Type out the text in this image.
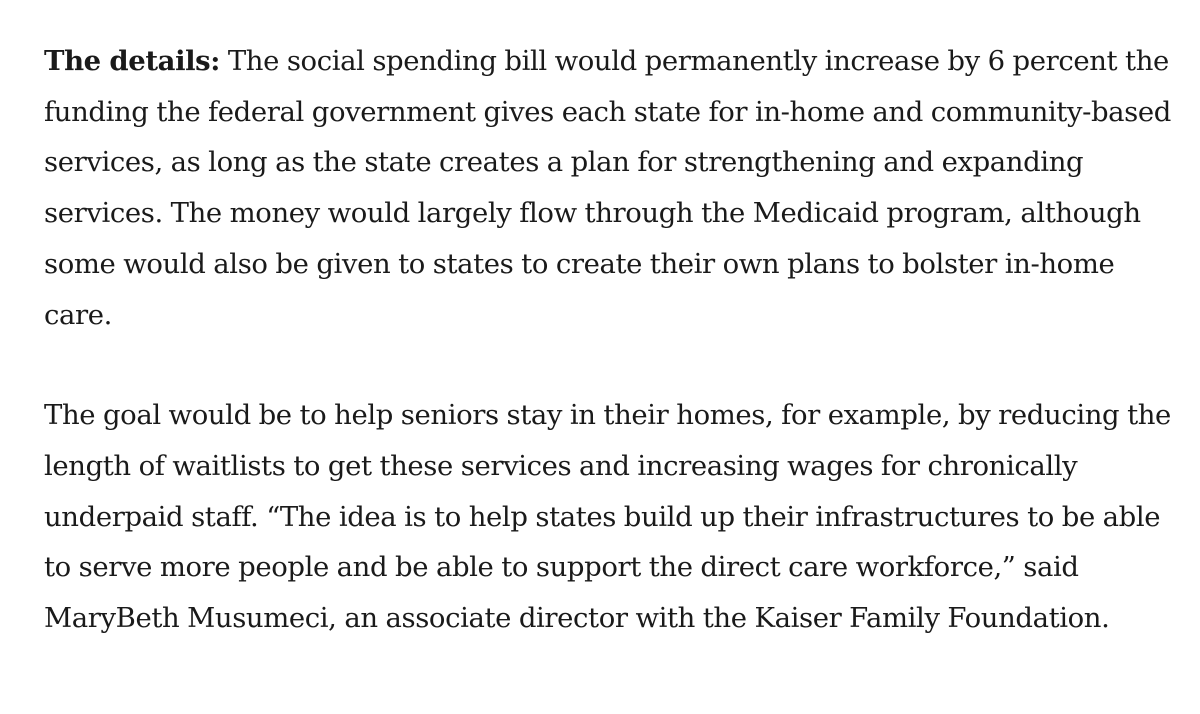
The details: The social spending bill would permanently increase by 6 percent the funding the federal government gives each state for in-home and community-based services, as long as the state creates a plan for strengthening and expanding services. The money would largely flow through the Medicaid program, although some would also be given to states to create their own plans to bolster in-home care.

The goal would be to help seniors stay in their homes, for example, by reducing the length of waitlists to get these services and increasing wages for chronically underpaid staff. “The idea is to help states build up their infrastructures to be able to serve more people and be able to support the direct care workforce,” said MaryBeth Musumeci, an associate director with the Kaiser Family Foundation.
